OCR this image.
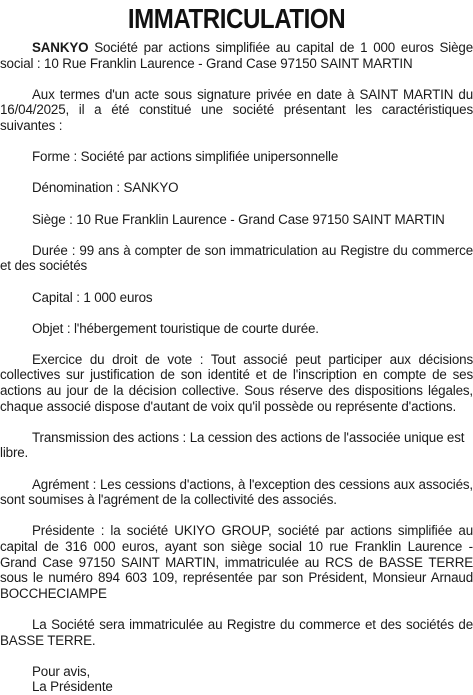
IMMATRICULATION

SANKYO Société par actions simplifiée au capital de 1 000 euros Siège social : 10 Rue Franklin Laurence - Grand Case 97150 SAINT MARTIN

Aux termes d'un acte sous signature privée en date à SAINT MARTIN du 16/04/2025, il a été constitué une société présentant les caractéristiques suivantes :

Forme : Société par actions simplifiée unipersonnelle

Dénomination : SANKYO

Siège : 10 Rue Franklin Laurence - Grand Case 97150 SAINT MARTIN

Durée : 99 ans à compter de son immatriculation au Registre du commerce et des sociétés

Capital : 1 000 euros

Objet : l'hébergement touristique de courte durée.

Exercice du droit de vote : Tout associé peut participer aux décisions collectives sur justification de son identité et de l'inscription en compte de ses actions au jour de la décision collective. Sous réserve des dispositions légales, chaque associé dispose d'autant de voix qu'il possède ou représente d'actions.

Transmission des actions : La cession des actions de l'associée unique est libre.

Agrément : Les cessions d'actions, à l'exception des cessions aux associés, sont soumises à l'agrément de la collectivité des associés.

Présidente : la société UKIYO GROUP, société par actions simplifiée au capital de 316 000 euros, ayant son siège social 10 rue Franklin Laurence - Grand Case 97150 SAINT MARTIN, immatriculée au RCS de BASSE TERRE sous le numéro 894 603 109, représentée par son Président, Monsieur Arnaud BOCCHECIAMPE

La Société sera immatriculée au Registre du commerce et des sociétés de BASSE TERRE.

Pour avis,

La Présidente
